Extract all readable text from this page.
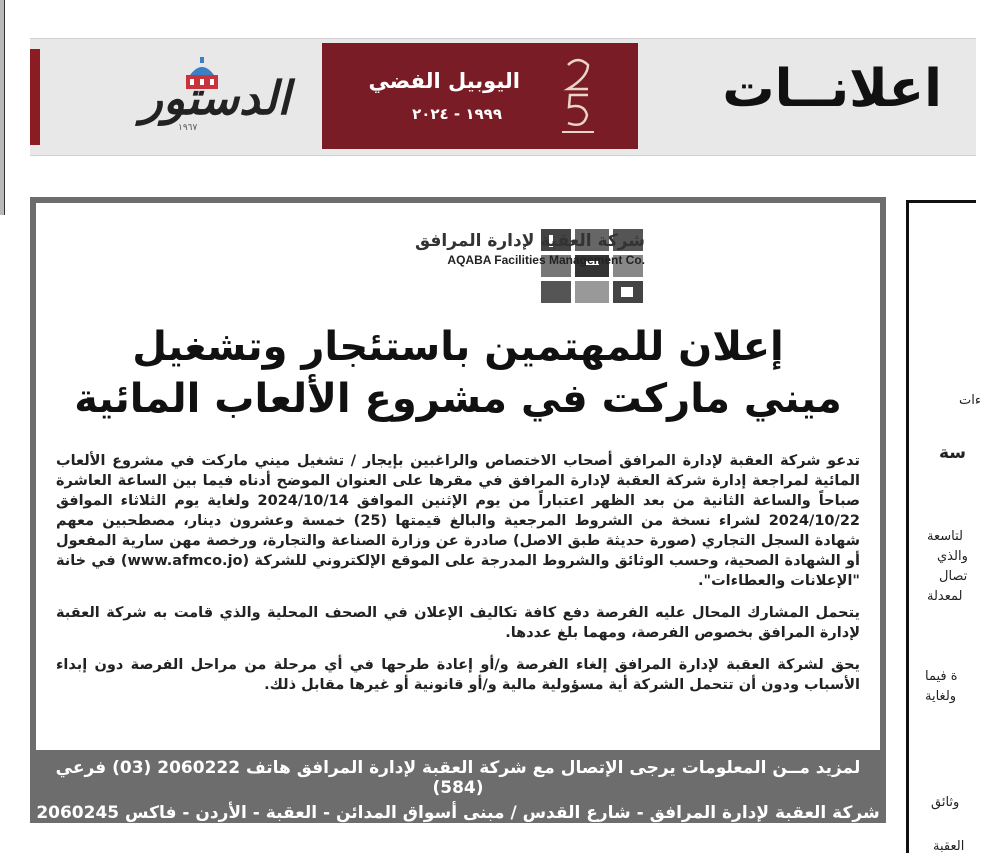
الدستور
١٩٦٧
اليوبيل الفضي
١٩٩٩ - ٢٠٢٤	اعلانــات
شركة العقبة لإدارة المرافق
AQABA Facilities Management Co.
إعلان للمهتمين باستئجار وتشغيل
ميني ماركت في مشروع الألعاب المائية

تدعو شركة العقبة لإدارة المرافق أصحاب الاختصاص والراغبين بإيجار / تشغيل ميني ماركت في مشروع الألعاب المائية لمراجعة إدارة شركة العقبة لإدارة المرافق في مقرها على العنوان الموضح أدناه فيما بين الساعة العاشرة صباحاً والساعة الثانية من بعد الظهر اعتباراً من يوم الإثنين الموافق 2024/10/14 ولغاية يوم الثلاثاء الموافق 2024/10/22 لشراء نسخة من الشروط المرجعية والبالغ قيمتها (25) خمسة وعشرون دينار، مصطحبين معهم شهادة السجل التجاري (صورة حديثة طبق الاصل) صادرة عن وزارة الصناعة والتجارة، ورخصة مهن سارية المفعول أو الشهادة الصحية، وحسب الوثائق والشروط المدرجة على الموقع الإلكتروني للشركة (www.afmco.jo) في خانة "الإعلانات والعطاءات".

يتحمل المشارك المحال عليه الفرصة دفع كافة تكاليف الإعلان في الصحف المحلية والذي قامت به شركة العقبة لإدارة المرافق بخصوص الفرصة، ومهما بلغ عددها.

يحق لشركة العقبة لإدارة المرافق إلغاء الفرصة و/أو إعادة طرحها في أي مرحلة من مراحل الفرصة دون إبداء الأسباب ودون أن تتحمل الشركة أية مسؤولية مالية و/أو قانونية أو غيرها مقابل ذلك.

لمزيد مــن المعلومات يرجى الإتصال مع شركة العقبة لإدارة المرافق هاتف 2060222 (03) فرعي (584)
شركة العقبة لإدارة المرافق - شارع القدس / مبنى أسواق المدائن - العقبة - الأردن - فاكس 2060245 (03)
ءات
سة
لتاسعة
والذي
تصال
لمعدلة
ة فيما
ولغاية
وثائق
العقبة
